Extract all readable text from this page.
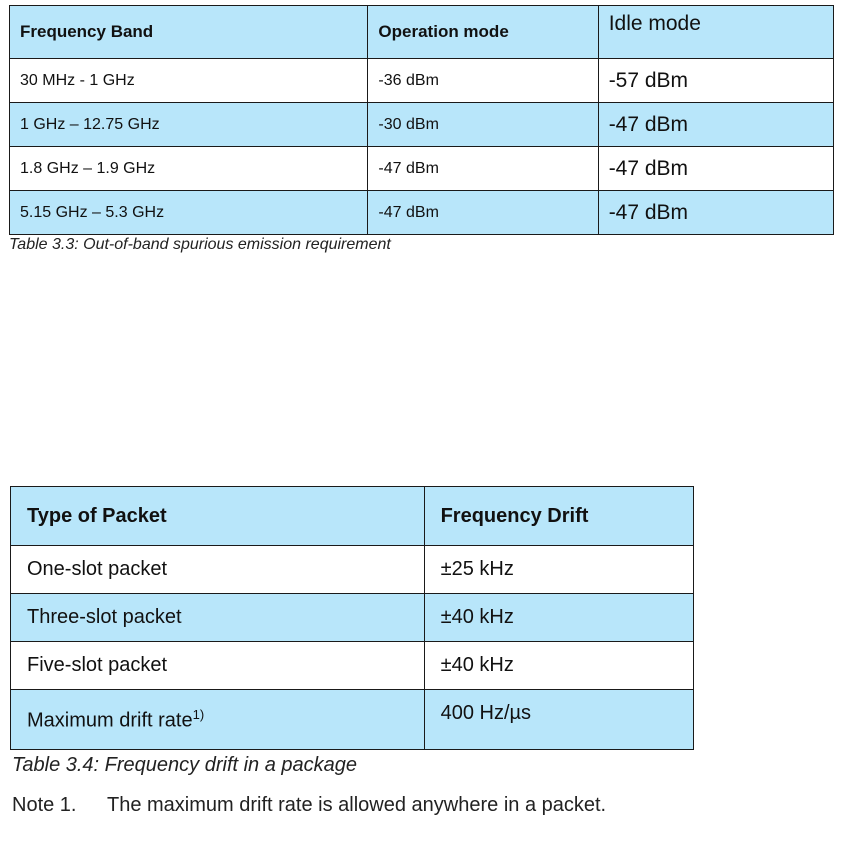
Frequency Band	Operation mode	Idle mode
30 MHz - 1 GHz	-36 dBm	-57 dBm
1 GHz – 12.75 GHz	-30 dBm	-47 dBm
1.8 GHz – 1.9 GHz	-47 dBm	-47 dBm
5.15 GHz – 5.3 GHz	-47 dBm	-47 dBm

Table 3.3: Out-of-band spurious emission requirement

Type of Packet	Frequency Drift
One-slot packet	±25 kHz
Three-slot packet	±40 kHz
Five-slot packet	±40 kHz
Maximum drift rate$^{1)}$	400 Hz/µs

Table 3.4: Frequency drift in a package

Note 1.	The maximum drift rate is allowed anywhere in a packet.
